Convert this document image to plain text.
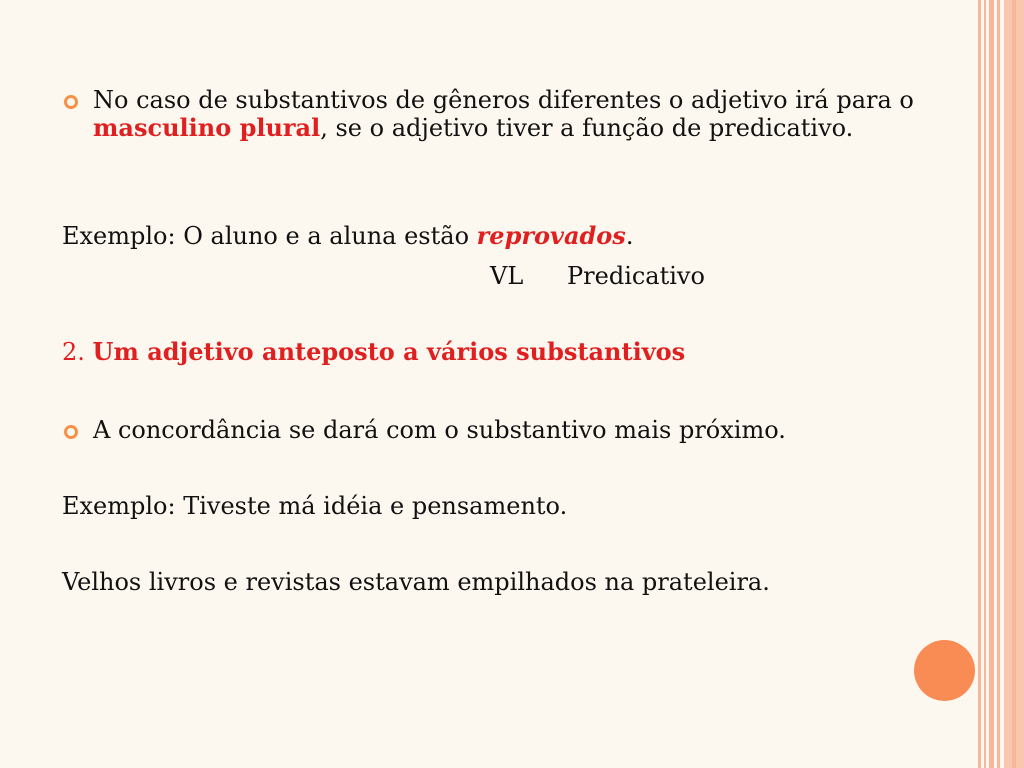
No caso de substantivos de gêneros diferentes o adjetivo irá para o masculino plural, se o adjetivo tiver a função de predicativo.
Exemplo: O aluno e a aluna estão reprovados.
VL Predicativo
2. Um adjetivo anteposto a vários substantivos
A concordância se dará com o substantivo mais próximo.
Exemplo: Tiveste má idéia e pensamento.
Velhos livros e revistas estavam empilhados na prateleira.
